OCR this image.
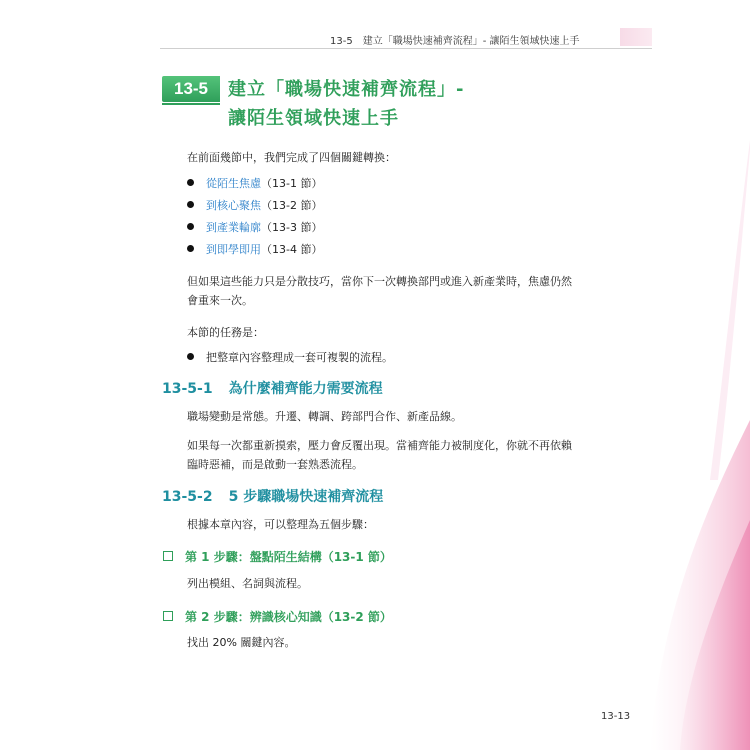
13-5　建立「職場快速補齊流程」- 讓陌生領域快速上手
13-5	建立「職場快速補齊流程」-
讓陌生領域快速上手
在前面幾節中，我們完成了四個關鍵轉換：
從陌生焦慮（13-1 節）
到核心聚焦（13-2 節）
到產業輪廓（13-3 節）
到即學即用（13-4 節）
但如果這些能力只是分散技巧，當你下一次轉換部門或進入新產業時，焦慮仍然
會重來一次。
本節的任務是：
把整章內容整理成一套可複製的流程。
13-5-1 為什麼補齊能力需要流程
職場變動是常態。升遷、轉調、跨部門合作、新產品線。
如果每一次都重新摸索，壓力會反覆出現。當補齊能力被制度化，你就不再依賴
臨時惡補，而是啟動一套熟悉流程。
13-5-2 5 步驟職場快速補齊流程
根據本章內容，可以整理為五個步驟：
第 1 步驟：盤點陌生結構（13-1 節）
列出模組、名詞與流程。
第 2 步驟：辨識核心知識（13-2 節）
找出 20% 關鍵內容。
13-13
